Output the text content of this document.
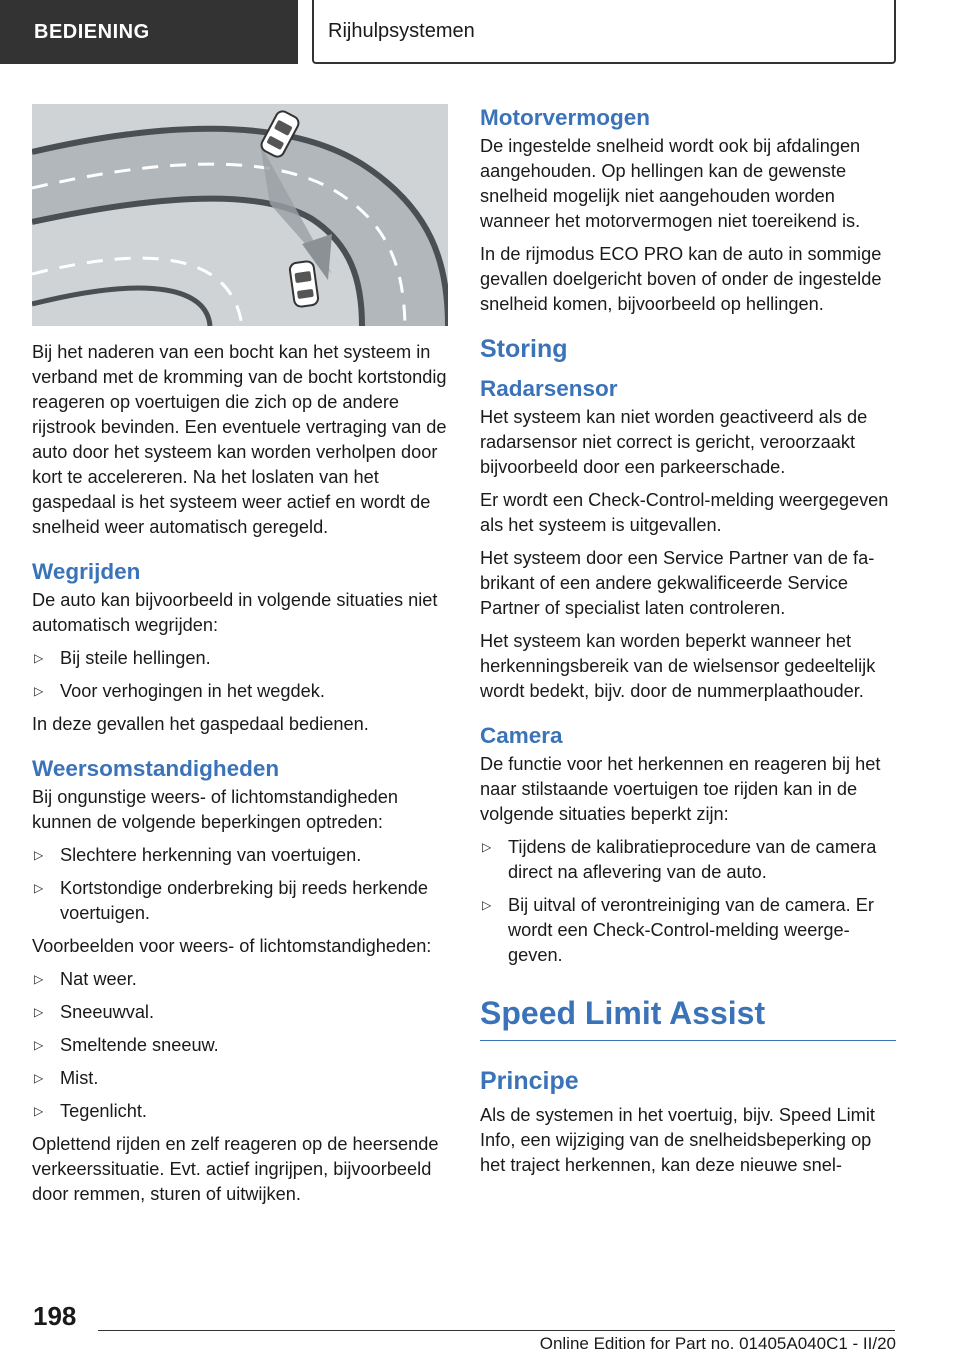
BEDIENING	Rijhulpsystemen

Bij het naderen van een bocht kan het systeem in verband met de kromming van de bocht kortstondig reageren op voertuigen die zich op de andere rijstrook bevinden. Een eventuele vertraging van de auto door het systeem kan worden verholpen door kort te accelereren. Na het loslaten van het gaspedaal is het systeem weer actief en wordt de snelheid weer automatisch geregeld.

Wegrijden

De auto kan bijvoorbeeld in volgende situaties niet automatisch wegrijden:

▷ Bij steile hellingen.
▷ Voor verhogingen in het wegdek.

In deze gevallen het gaspedaal bedienen.

Weersomstandigheden

Bij ongunstige weers- of lichtomstandigheden kunnen de volgende beperkingen optreden:

▷ Slechtere herkenning van voertuigen.
▷ Kortstondige onderbreking bij reeds herkende voertuigen.

Voorbeelden voor weers- of lichtomstandigheden:

▷ Nat weer.
▷ Sneeuwval.
▷ Smeltende sneeuw.
▷ Mist.
▷ Tegenlicht.

Oplettend rijden en zelf reageren op de heersende verkeerssituatie. Evt. actief ingrijpen, bijvoorbeeld door remmen, sturen of uitwijken.

Motorvermogen

De ingestelde snelheid wordt ook bij afdalingen aangehouden. Op hellingen kan de gewenste snelheid mogelijk niet aangehouden worden wanneer het motorvermogen niet toereikend is.

In de rijmodus ECO PRO kan de auto in sommige gevallen doelgericht boven of onder de ingestelde snelheid komen, bijvoorbeeld op hellingen.

Storing
Radarsensor

Het systeem kan niet worden geactiveerd als de radarsensor niet correct is gericht, veroorzaakt bijvoorbeeld door een parkeerschade.

Er wordt een Check-Control-melding weergegeven als het systeem is uitgevallen.

Het systeem door een Service Partner van de fabrikant of een andere gekwalificeerde Service Partner of specialist laten controleren.

Het systeem kan worden beperkt wanneer het herkenningsbereik van de wielsensor gedeeltelijk wordt bedekt, bijv. door de nummerplaathouder.

Camera

De functie voor het herkennen en reageren bij het naar stilstaande voertuigen toe rijden kan in de volgende situaties beperkt zijn:

▷ Tijdens de kalibratieprocedure van de camera direct na aflevering van de auto.
▷ Bij uitval of verontreiniging van de camera. Er wordt een Check-Control-melding weergegeven.
Speed Limit Assist
Principe

Als de systemen in het voertuig, bijv. Speed Limit Info, een wijziging van de snelheidsbeperking op het traject herkennen, kan deze nieuwe snel-

198
Online Edition for Part no. 01405A040C1 - II/20
